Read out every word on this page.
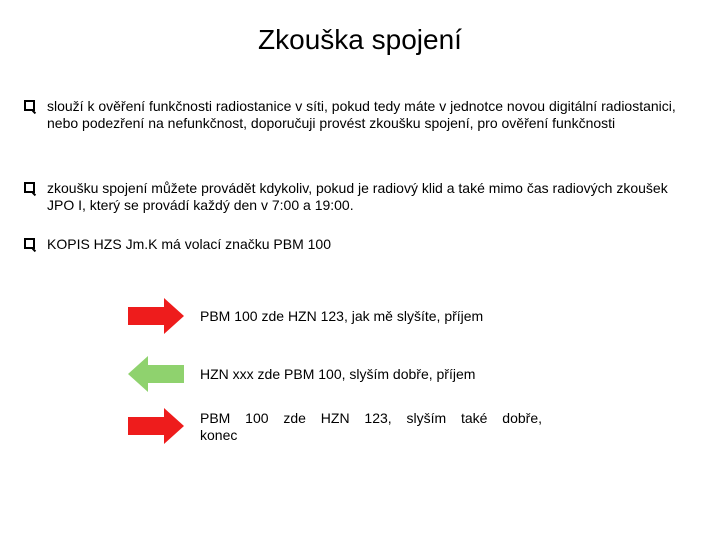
Zkouška spojení
slouží k ověření funkčnosti radiostanice v síti, pokud tedy máte v jednotce novou digitální radiostanici, nebo podezření na nefunkčnost, doporučuji provést zkoušku spojení, pro ověření funkčnosti
zkoušku spojení můžete provádět kdykoliv, pokud je radiový klid a také mimo čas radiových zkoušek JPO I, který se provádí každý den v 7:00 a 19:00.
KOPIS HZS Jm.K má volací značku PBM 100
PBM 100 zde HZN 123, jak mě slyšíte, příjem
HZN xxx zde PBM 100, slyším dobře, příjem
PBM 100 zde HZN 123, slyším také dobře,
konec
